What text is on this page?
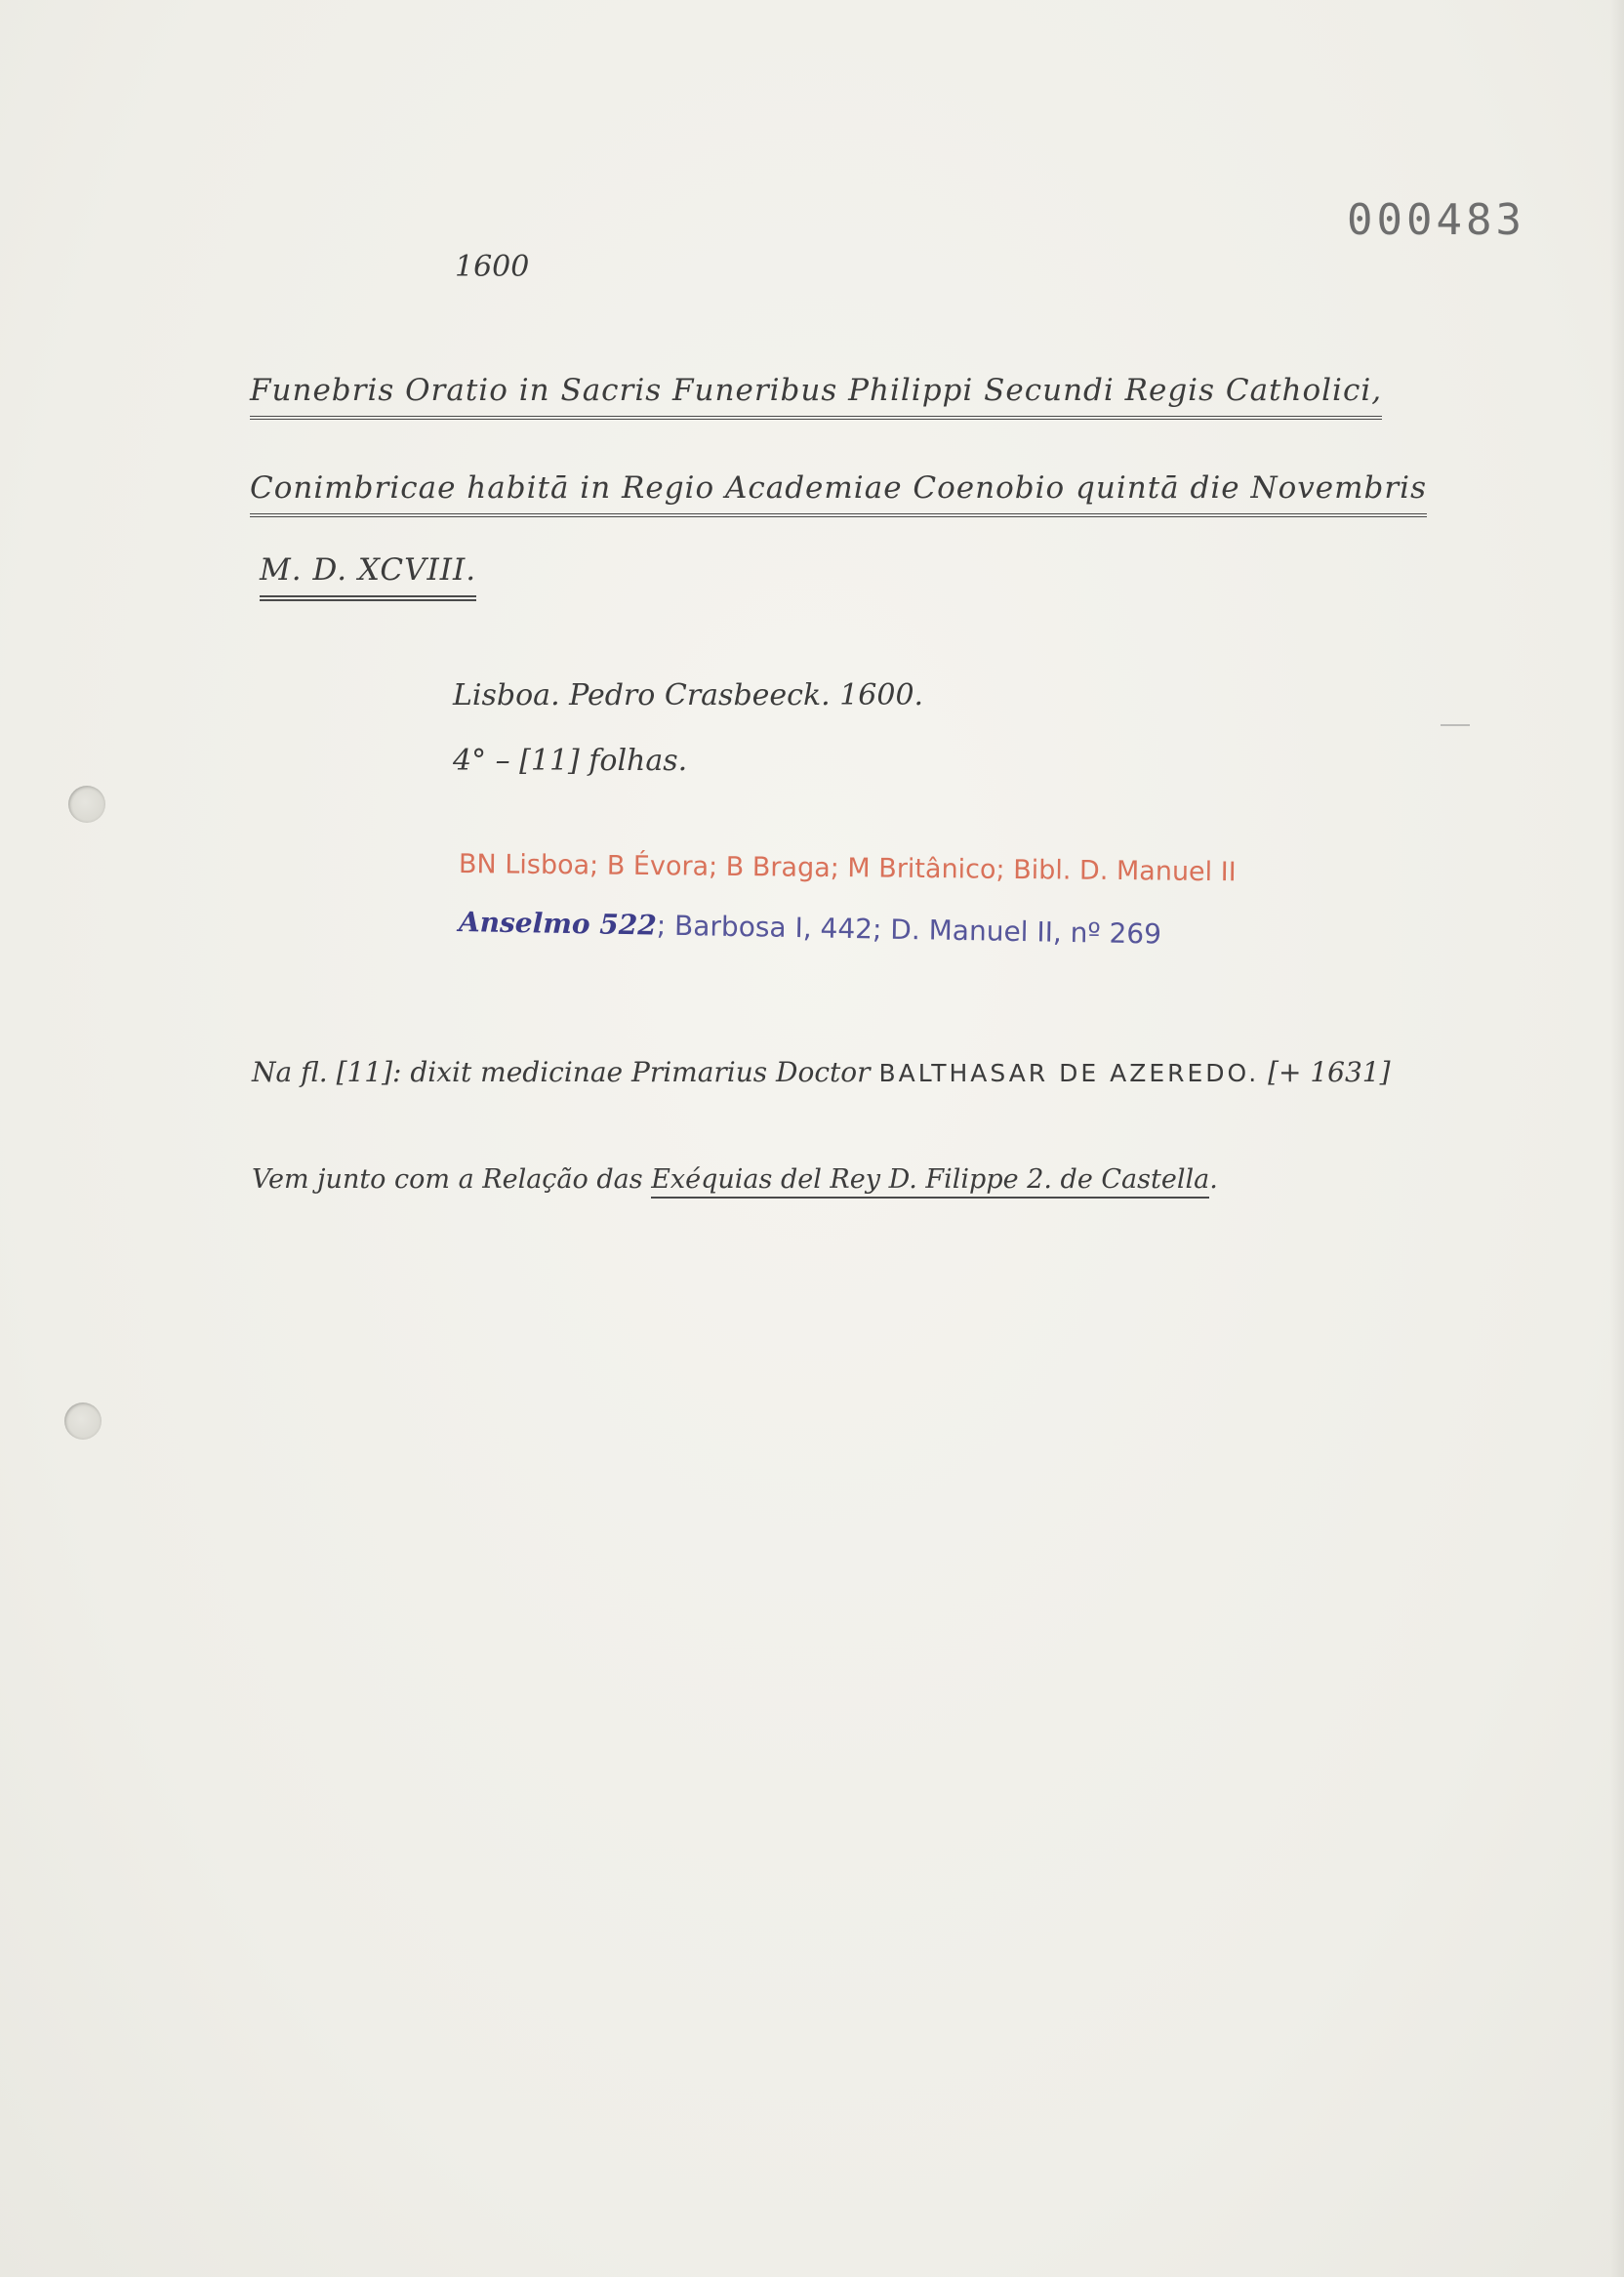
000483
1600
Funebris Oratio in Sacris Funeribus Philippi Secundi Regis Catholici,
Conimbricae habitā in Regio Academiae Coenobio quintā die Novembris
M. D. XCVIII.
Lisboa. Pedro Crasbeeck. 1600.
4° – [11] folhas.
BN Lisboa; B Évora; B Braga; M Britânico; Bibl. D. Manuel II
Anselmo 522; Barbosa I, 442; D. Manuel II, nº 269
Na fl. [11]: dixit medicinae Primarius Doctor BALTHASAR DE AZEREDO. [+ 1631]
Vem junto com a Relação das Exéquias del Rey D. Filippe 2. de Castella.
